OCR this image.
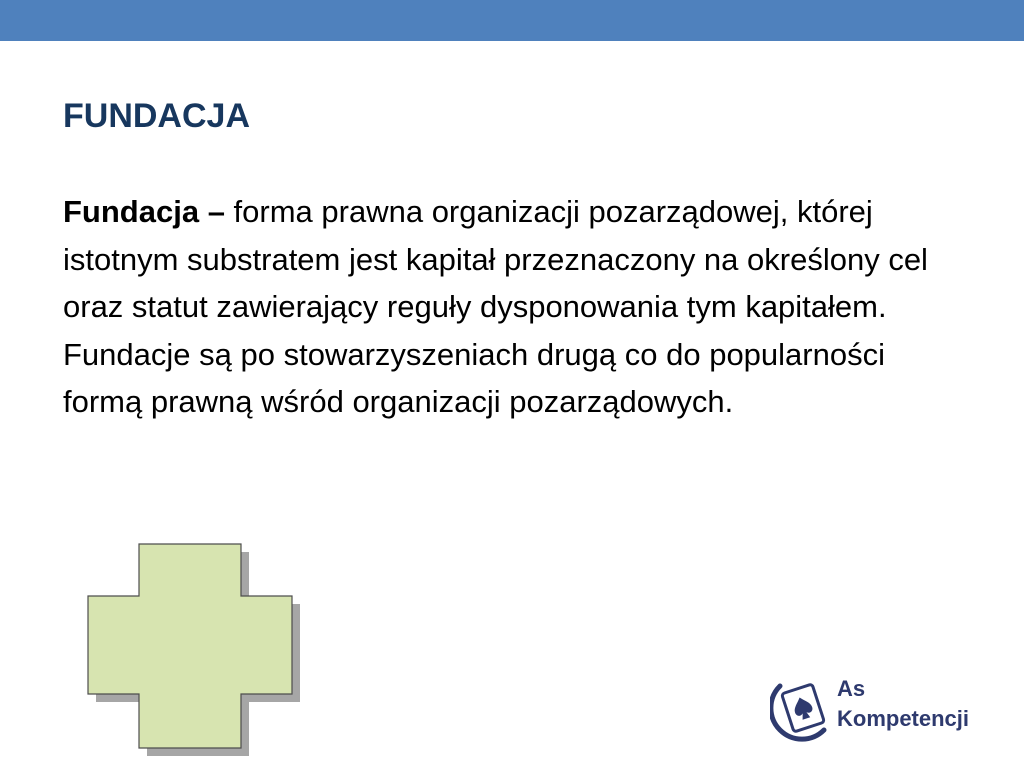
FUNDACJA

Fundacja – forma prawna organizacji pozarządowej, której istotnym substratem jest kapitał przeznaczony na określony cel oraz statut zawierający reguły dysponowania tym kapitałem. Fundacje są po stowarzyszeniach drugą co do popularności formą prawną wśród organizacji pozarządowych.

As
Kompetencji
